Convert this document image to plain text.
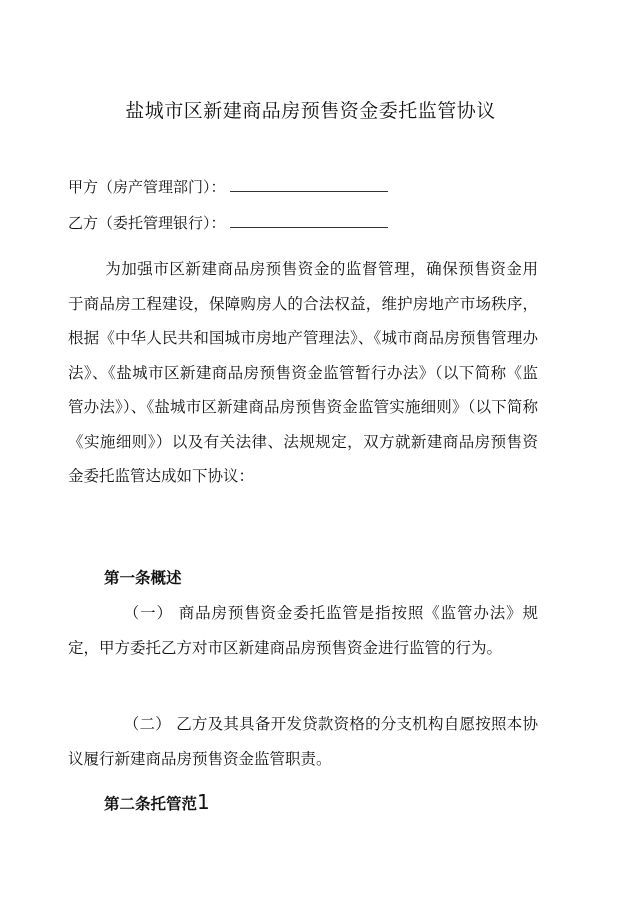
盐城市区新建商品房预售资金委托监管协议
甲方（房产管理部门）：
乙方（委托管理银行）：

为加强市区新建商品房预售资金的监督管理，确保预售资金用于商品房工程建设，保障购房人的合法权益，维护房地产市场秩序，根据《中华人民共和国城市房地产管理法》、《城市商品房预售管理办法》、《盐城市区新建商品房预售资金监管暂行办法》（以下简称《监管办法》）、《盐城市区新建商品房预售资金监管实施细则》（以下简称《实施细则》）以及有关法律、法规规定，双方就新建商品房预售资金委托监管达成如下协议：

第一条概述

（一） 商品房预售资金委托监管是指按照《监管办法》规定，甲方委托乙方对市区新建商品房预售资金进行监管的行为。

（二） 乙方及其具备开发贷款资格的分支机构自愿按照本协议履行新建商品房预售资金监管职责。

第二条托管范1
